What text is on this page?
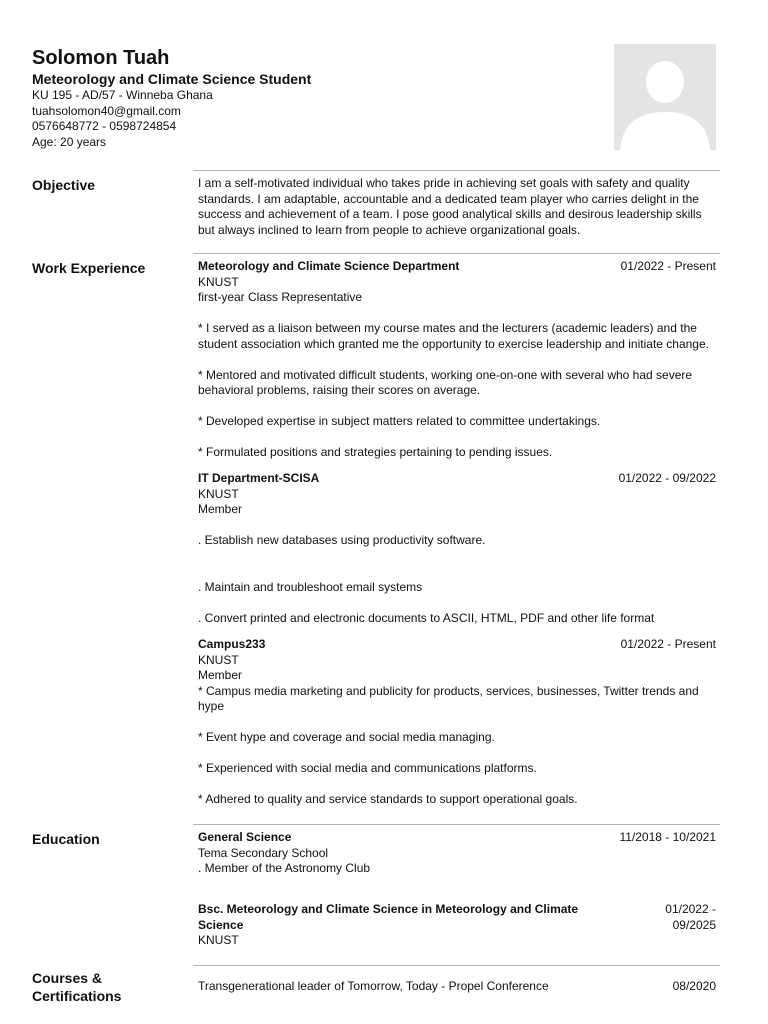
Solomon Tuah

Meteorology and Climate Science Student

KU 195 - AD/57 - Winneba Ghana

tuahsolomon40@gmail.com

0576648772 - 0598724854

Age: 20 years

Objective	I am a self-motivated individual who takes pride in achieving set goals with safety and quality standards. I am adaptable, accountable and a dedicated team player who carries delight in the success and achievement of a team. I pose good analytical skills and desirous leadership skills but always inclined to learn from people to achieve organizational goals.

Work Experience	Meteorology and Climate Science Department	01/2022 - Present

KNUST

first-year Class Representative

* I served as a liaison between my course mates and the lecturers (academic leaders) and the student association which granted me the opportunity to exercise leadership and initiate change.

* Mentored and motivated difficult students, working one-on-one with several who had severe behavioral problems, raising their scores on average.

* Developed expertise in subject matters related to committee undertakings.

* Formulated positions and strategies pertaining to pending issues.

IT Department-SCISA	01/2022 - 09/2022

KNUST

Member

. Establish new databases using productivity software.

. Maintain and troubleshoot email systems

. Convert printed and electronic documents to ASCII, HTML, PDF and other life format

Campus233	01/2022 - Present

KNUST

Member

* Campus media marketing and publicity for products, services, businesses, Twitter trends and hype

* Event hype and coverage and social media managing.

* Experienced with social media and communications platforms.

* Adhered to quality and service standards to support operational goals.

Education	General Science	11/2018 - 10/2021

Tema Secondary School

. Member of the Astronomy Club

Bsc. Meteorology and Climate Science in Meteorology and Climate Science
01/2022 -
09/2025

KNUST

Courses & Certifications
Transgenerational leader of Tomorrow, Today - Propel Conference	08/2020
